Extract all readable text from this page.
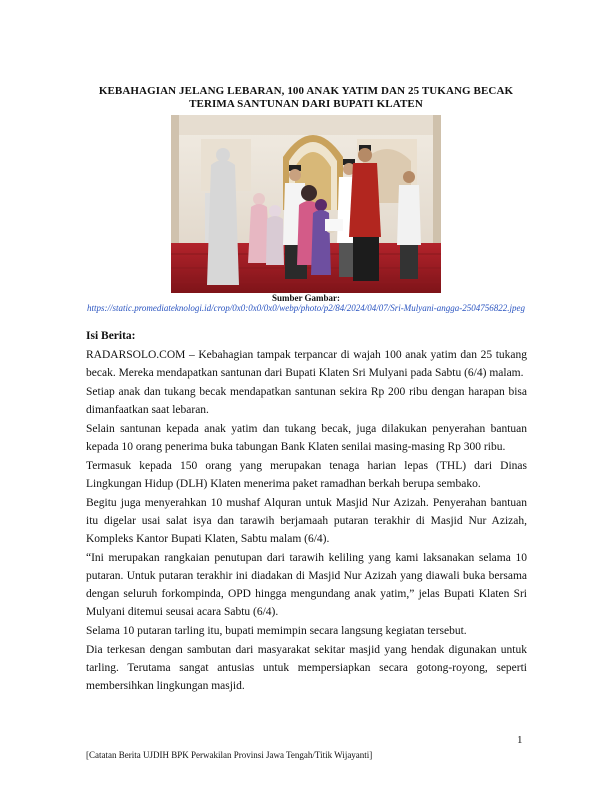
KEBAHAGIAN JELANG LEBARAN, 100 ANAK YATIM DAN 25 TUKANG BECAK TERIMA SANTUNAN DARI BUPATI KLATEN
Sumber Gambar:
https://static.promediateknologi.id/crop/0x0:0x0/0x0/webp/photo/p2/84/2024/04/07/Sri-Mulyani-angga-2504756822.jpeg
Isi Berita:

RADARSOLO.COM – Kebahagian tampak terpancar di wajah 100 anak yatim dan 25 tukang becak. Mereka mendapatkan santunan dari Bupati Klaten Sri Mulyani pada Sabtu (6/4) malam.

Setiap anak dan tukang becak mendapatkan santunan sekira Rp 200 ribu dengan harapan bisa dimanfaatkan saat lebaran.

Selain santunan kepada anak yatim dan tukang becak, juga dilakukan penyerahan bantuan kepada 10 orang penerima buka tabungan Bank Klaten senilai masing-masing Rp 300 ribu.

Termasuk kepada 150 orang yang merupakan tenaga harian lepas (THL) dari Dinas Lingkungan Hidup (DLH) Klaten menerima paket ramadhan berkah berupa sembako.

Begitu juga menyerahkan 10 mushaf Alquran untuk Masjid Nur Azizah. Penyerahan bantuan itu digelar usai salat isya dan tarawih berjamaah putaran terakhir di Masjid Nur Azizah, Kompleks Kantor Bupati Klaten, Sabtu malam (6/4).

“Ini merupakan rangkaian penutupan dari tarawih keliling yang kami laksanakan selama 10 putaran. Untuk putaran terakhir ini diadakan di Masjid Nur Azizah yang diawali buka bersama dengan seluruh forkompinda, OPD hingga mengundang anak yatim,” jelas Bupati Klaten Sri Mulyani ditemui seusai acara Sabtu (6/4).

Selama 10 putaran tarling itu, bupati memimpin secara langsung kegiatan tersebut.

Dia terkesan dengan sambutan dari masyarakat sekitar masjid yang hendak digunakan untuk tarling. Terutama sangat antusias untuk mempersiapkan secara gotong-royong, seperti membersihkan lingkungan masjid.

1
[Catatan Berita UJDIH BPK Perwakilan Provinsi Jawa Tengah/Titik Wijayanti]
